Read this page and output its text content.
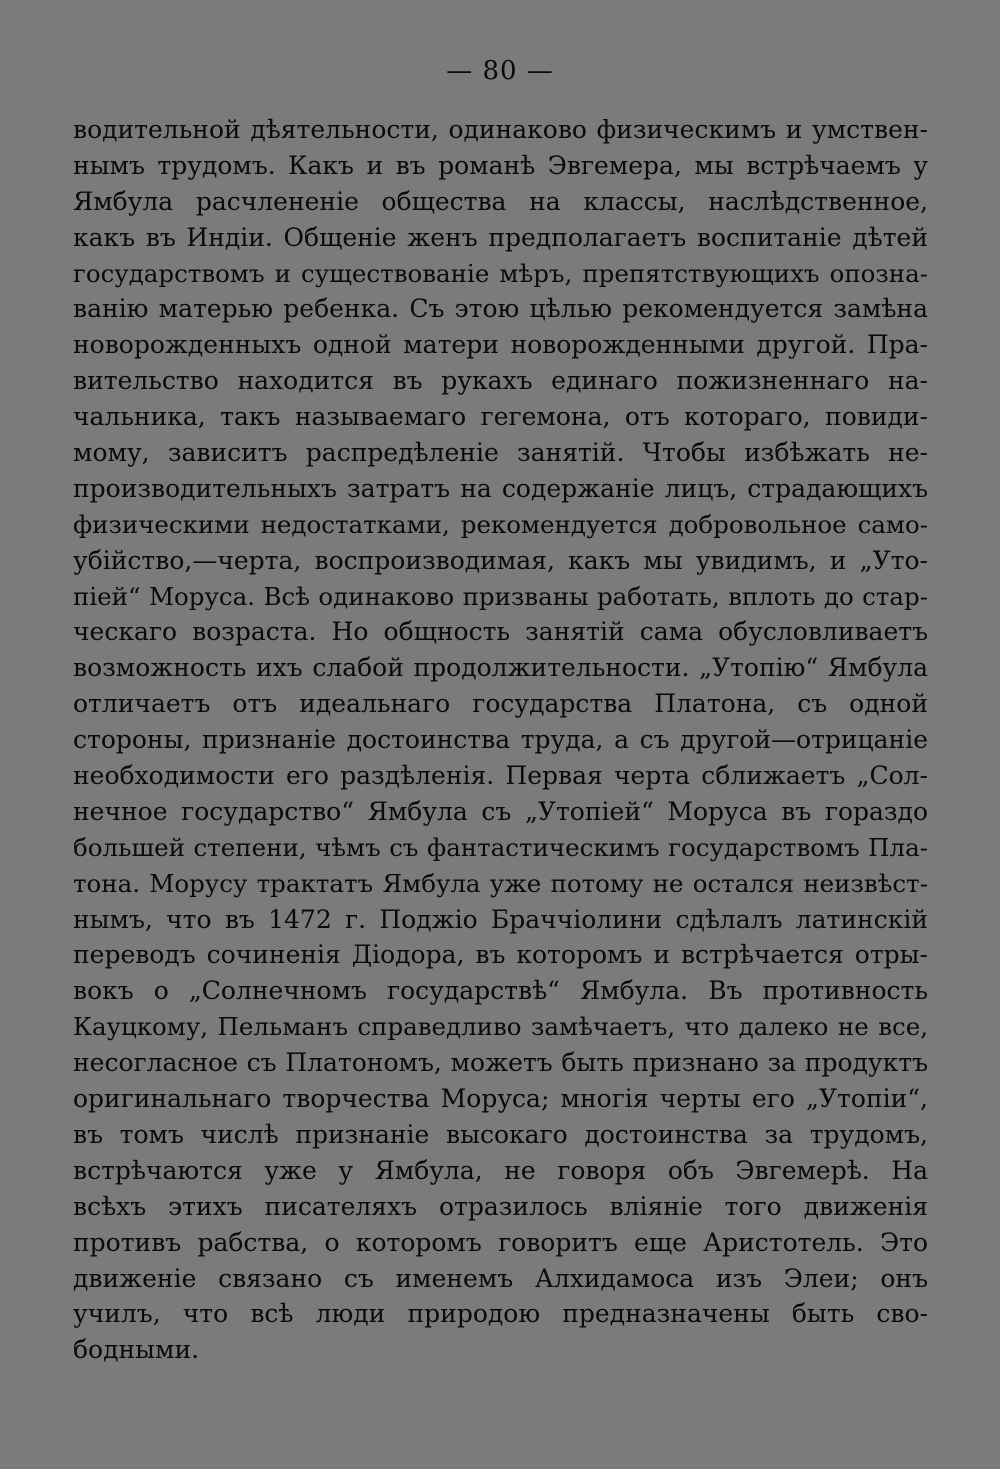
— 80 —
водительной дѣятельности, одинаково физическимъ и умствен-
нымъ трудомъ. Какъ и въ романѣ Эвгемера, мы встрѣчаемъ у
Ямбула расчлененіе общества на классы, наслѣдственное,
какъ въ Индіи. Общеніе женъ предполагаетъ воспитаніе дѣтей
государствомъ и существованіе мѣръ, препятствующихъ опозна-
ванію матерью ребенка. Съ этою цѣлью рекомендуется замѣна
новорожденныхъ одной матери новорожденными другой. Пра-
вительство находится въ рукахъ единаго пожизненнаго на-
чальника, такъ называемаго гегемона, отъ котораго, повиди-
мому, зависитъ распредѣленіе занятій. Чтобы избѣжать не-
производительныхъ затратъ на содержаніе лицъ, страдающихъ
физическими недостатками, рекомендуется добровольное само-
убійство,—черта, воспроизводимая, какъ мы увидимъ, и „Уто-
піей“ Моруса. Всѣ одинаково призваны работать, вплоть до стар-
ческаго возраста. Но общность занятій сама обусловливаетъ
возможность ихъ слабой продолжительности. „Утопію“ Ямбула
отличаетъ отъ идеальнаго государства Платона, съ одной
стороны, признаніе достоинства труда, а съ другой—отрицаніе
необходимости его раздѣленія. Первая черта сближаетъ „Сол-
нечное государство“ Ямбула съ „Утопіей“ Моруса въ гораздо
большей степени, чѣмъ съ фантастическимъ государствомъ Пла-
тона. Морусу трактатъ Ямбула уже потому не остался неизвѣст-
нымъ, что въ 1472 г. Поджіо Браччіолини сдѣлалъ латинскій
переводъ сочиненія Діодора, въ которомъ и встрѣчается отры-
вокъ о „Солнечномъ государствѣ“ Ямбула. Въ противность
Кауцкому, Пельманъ справедливо замѣчаетъ, что далеко не все,
несогласное съ Платономъ, можетъ быть признано за продуктъ
оригинальнаго творчества Моруса; многія черты его „Утопіи“,
въ томъ числѣ признаніе высокаго достоинства за трудомъ,
встрѣчаются уже у Ямбула, не говоря объ Эвгемерѣ. На
всѣхъ этихъ писателяхъ отразилось вліяніе того движенія
противъ рабства, о которомъ говоритъ еще Аристотель. Это
движеніе связано съ именемъ Алхидамоса изъ Элеи; онъ
училъ, что всѣ люди природою предназначены быть сво-
бодными.
